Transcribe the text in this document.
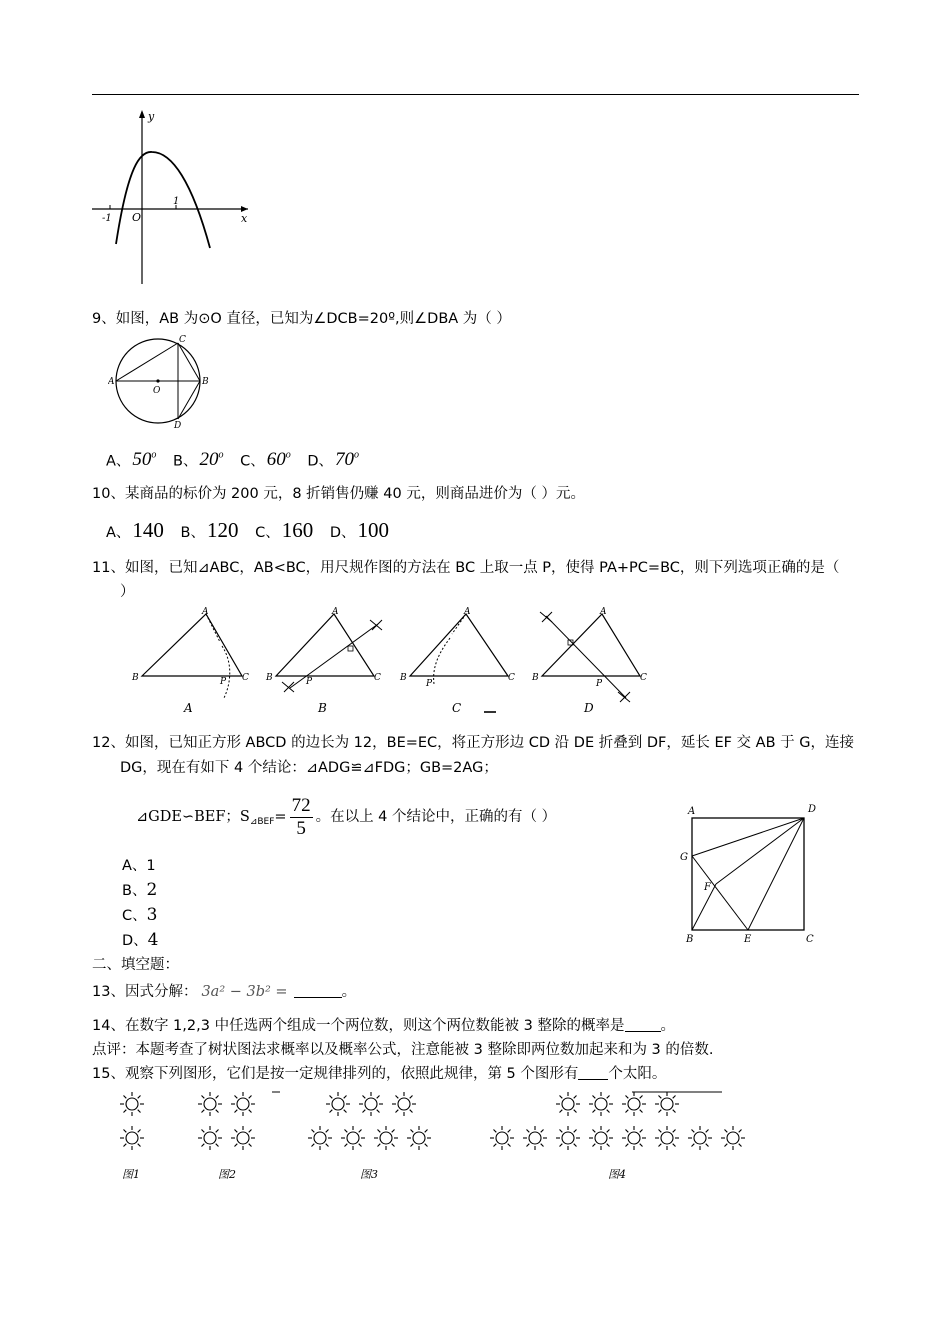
y
x
O
-1
1
9、如图，AB 为⊙O 直径，已知为∠DCB=20º,则∠DBA 为（ ）
A	B
C
D
O
A、 50$^o$ B、 20$^o$ C、 60$^o$ D、 70$^o$
10、某商品的标价为 200 元，8 折销售仍赚 40 元，则商品进价为（ ）元。
A、140 B、120 C、160 D、100
11、如图，已知⊿ABC，AB<BC，用尺规作图的方法在 BC 上取一点 P，使得 PA+PC=BC，则下列选项正确的是（
）
A
B	C
P
A
A
B	C
P
B
A
B	C
P
C
A
B	C
P
D
12、如图，已知正方形 ABCD 的边长为 12，BE=EC，将正方形边 CD 沿 DE 折叠到 DF，延长 EF 交 AB 于 G，连接
DG，现在有如下 4 个结论：⊿ADG≌⊿FDG；GB=2AG；
⊿GDE∽BEF；$S_{⊿BEF}= \frac{72}{5}$ 。在以上 4 个结论中，正确的有（ ）	A	D
G
F
B	E	C
A、1
B、2
C、3
D、4
二、填空题：
13、因式分解： 3a² − 3b² =	。
14、在数字 1,2,3 中任选两个组成一个两位数，则这个两位数能被 3 整除的概率是 。
点评：本题考查了树状图法求概率以及概率公式，注意能被 3 整除即两位数加起来和为 3 的倍数.
15、观察下列图形，它们是按一定规律排列的，依照此规律，第 5 个图形有 个太阳。
图1	图2	图3	图4
